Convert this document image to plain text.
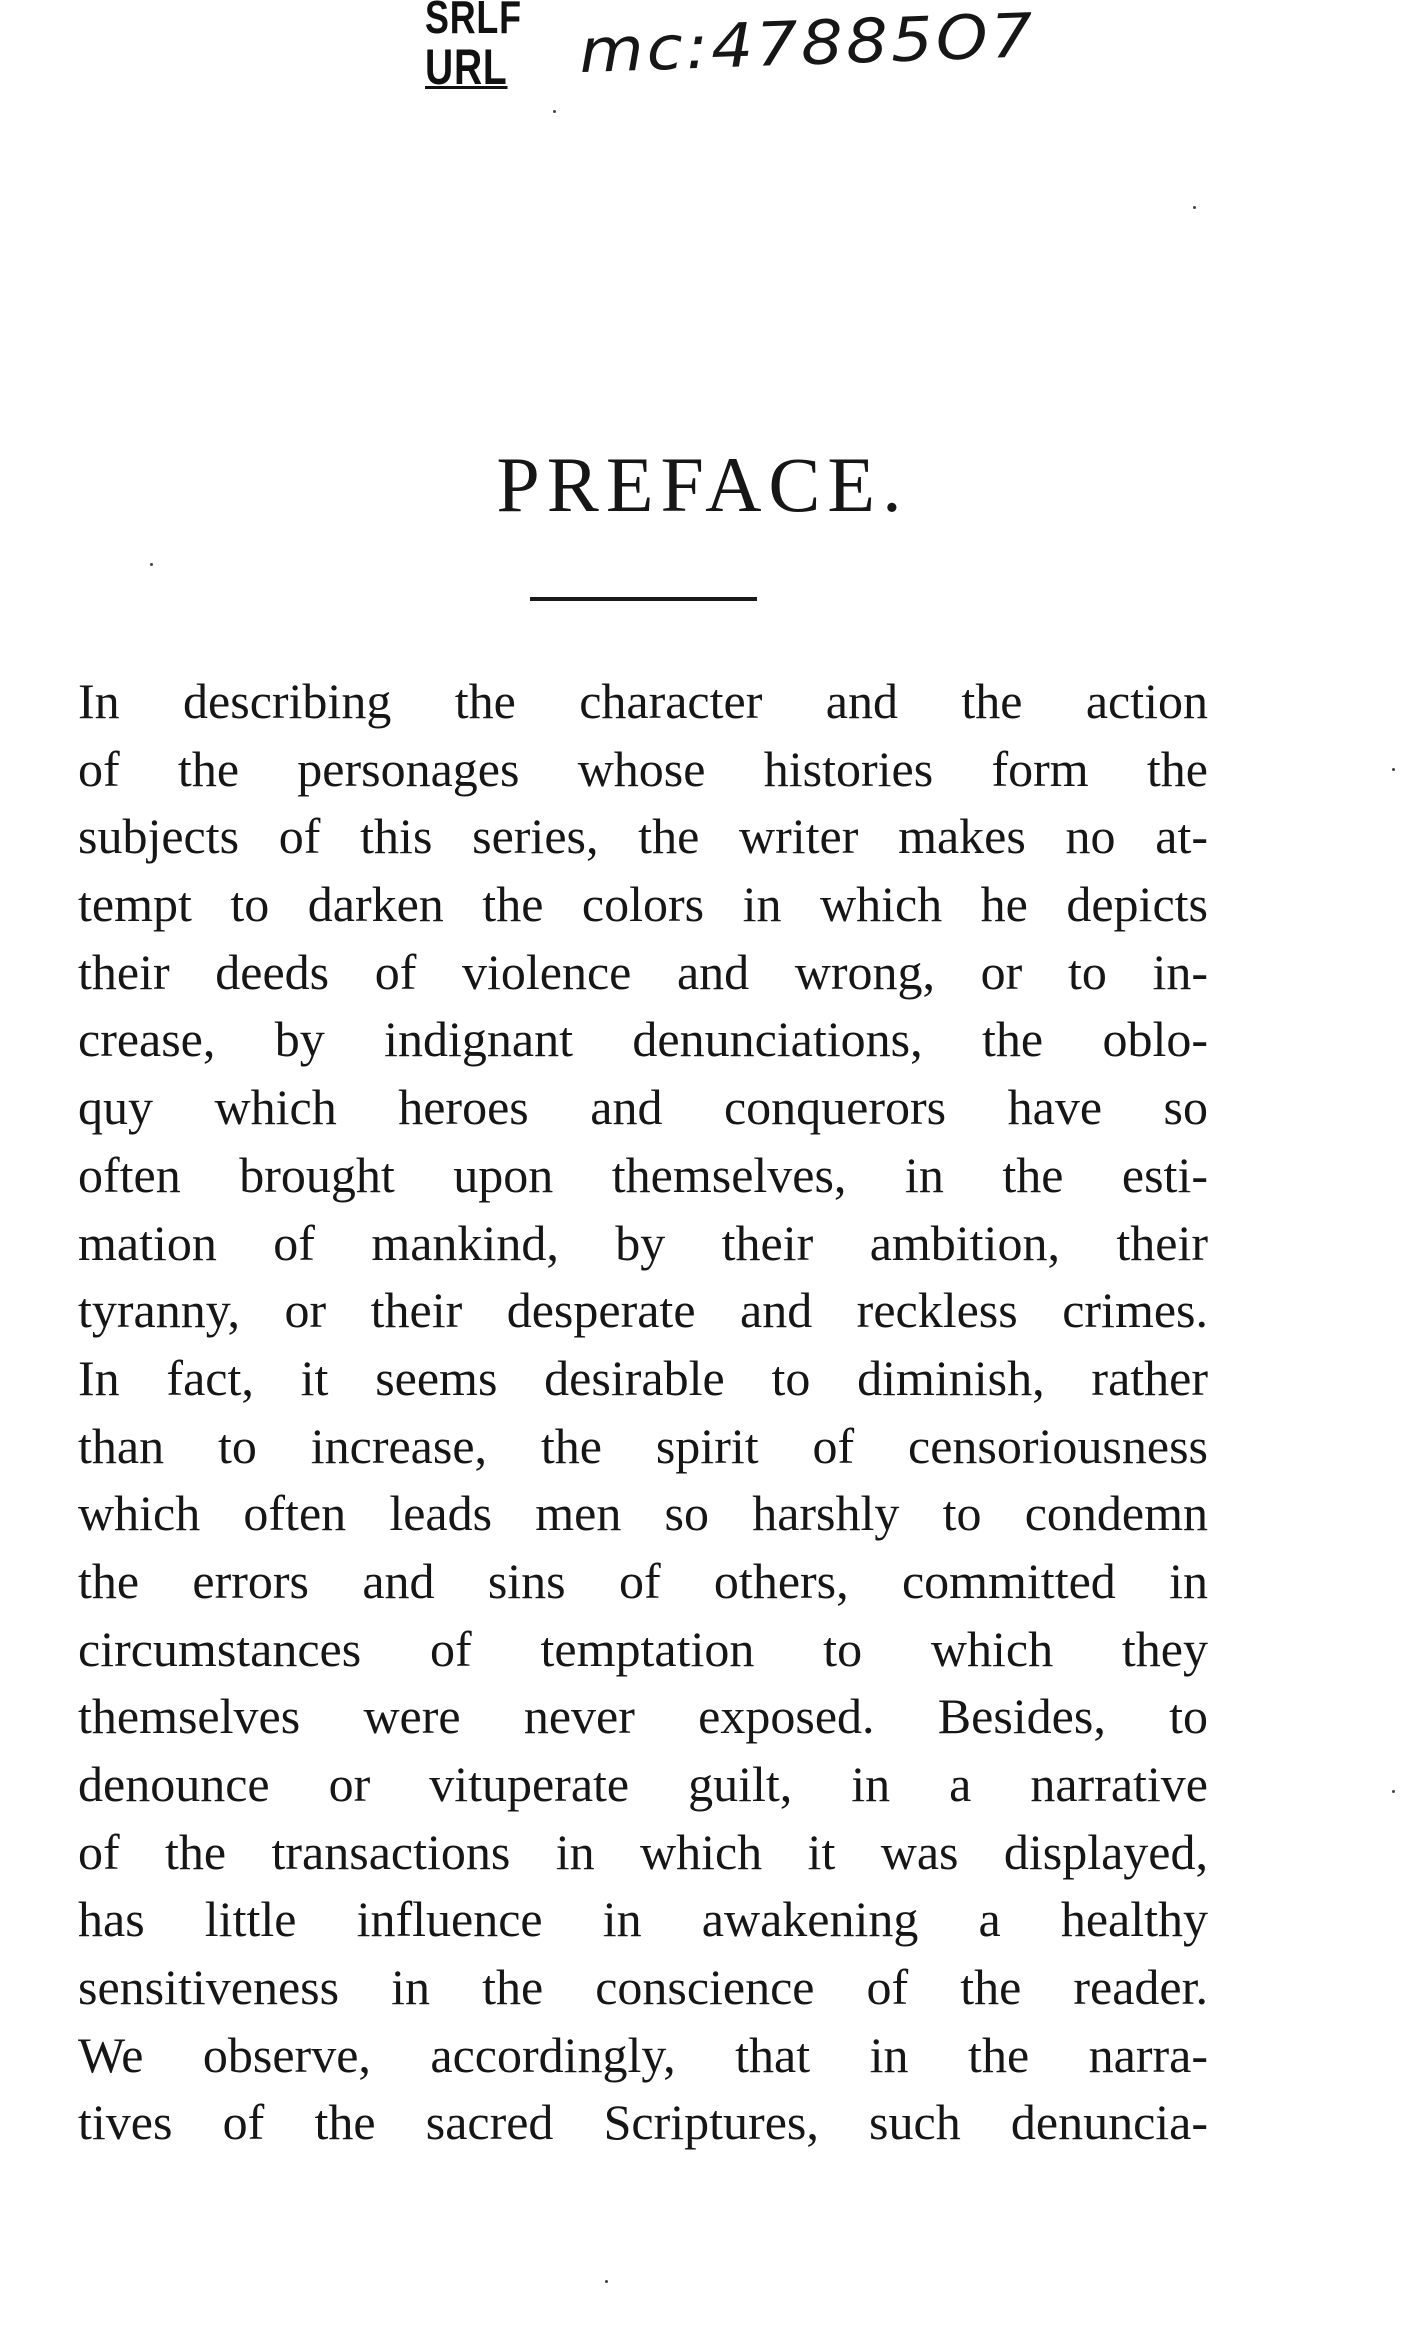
SRLF
URL mc:47885O7
PREFACE.
In describing the character and the action
of the personages whose histories form the
subjects of this series, the writer makes no at-
tempt to darken the colors in which he depicts
their deeds of violence and wrong, or to in-
crease, by indignant denunciations, the oblo-
quy which heroes and conquerors have so
often brought upon themselves, in the esti-
mation of mankind, by their ambition, their
tyranny, or their desperate and reckless crimes.
In fact, it seems desirable to diminish, rather
than to increase, the spirit of censoriousness
which often leads men so harshly to condemn
the errors and sins of others, committed in
circumstances of temptation to which they
themselves were never exposed. Besides, to
denounce or vituperate guilt, in a narrative
of the transactions in which it was displayed,
has little influence in awakening a healthy
sensitiveness in the conscience of the reader.
We observe, accordingly, that in the narra-
tives of the sacred Scriptures, such denuncia-
